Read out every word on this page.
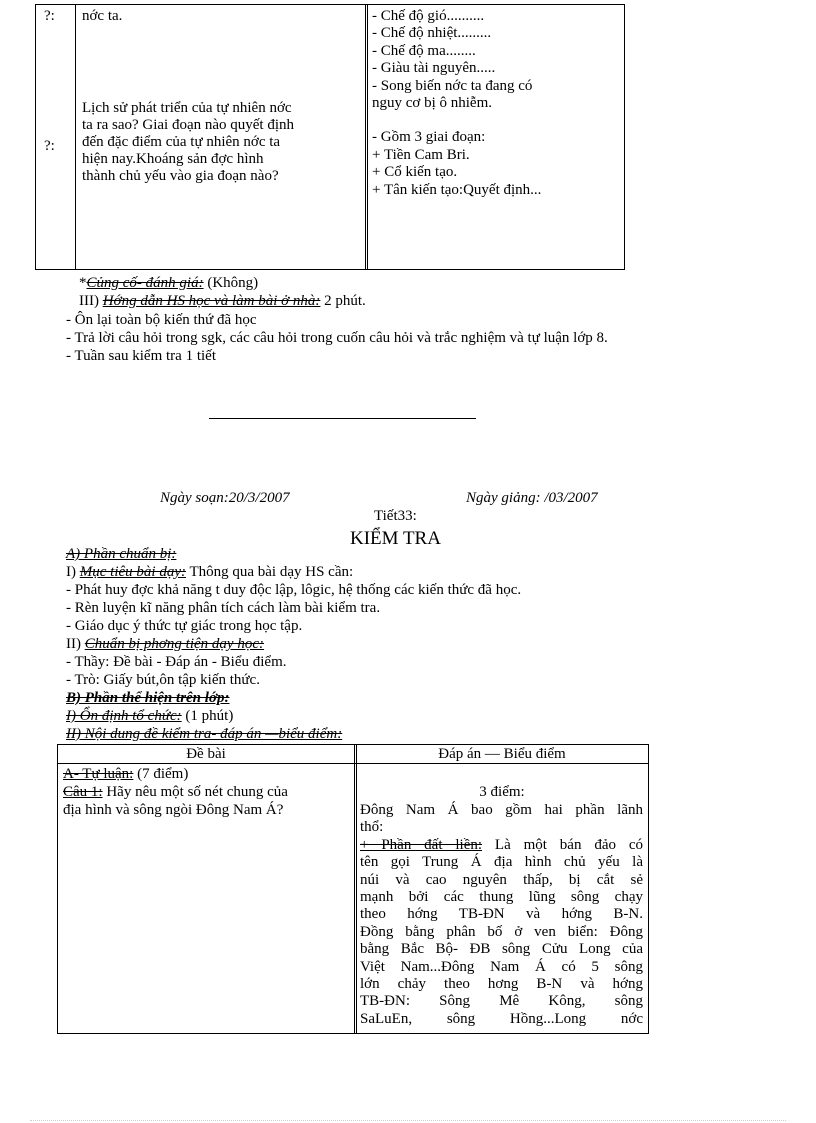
?:
?:
nớc ta.
Lịch sử phát triển của tự nhiên nớc
ta ra sao? Giai đoạn nào quyết định
đến đặc điểm của tự nhiên nớc ta
hiện nay.Khoáng sản đợc hình
thành chủ yếu vào gia đoạn nào?
- Chế độ gió..........
- Chế độ nhiệt.........
- Chế độ ma........
- Giàu tài nguyên.....
- Song biến nớc ta đang có
nguy cơ bị ô nhiễm.
- Gồm 3 giai đoạn:
+ Tiền Cam Bri.
+ Cổ kiến tạo.
+ Tân kiến tạo:Quyết định...
*Củng cố- đánh giá: (Không)
III) Hớng dẫn HS học và làm bài ở nhà: 2 phút.
- Ôn lại toàn bộ kiến thứ đã học
- Trả lời câu hỏi trong sgk, các câu hỏi trong cuốn câu hỏi và trắc nghiệm và tự luận lớp 8.
- Tuần sau kiểm tra 1 tiết
Ngày soạn:20/3/2007	Ngày giảng: /03/2007
Tiết33:
KIỂM TRA
A) Phần chuẩn bị:
I) Mục tiêu bài dạy: Thông qua bài dạy HS cần:
- Phát huy đợc khả năng t duy độc lập, lôgic, hệ thống các kiến thức đã học.
- Rèn luyện kĩ năng phân tích cách làm bài kiểm tra.
- Giáo dục ý thức tự giác trong học tập.
II) Chuẩn bị phơng tiện dạy học:
- Thầy: Đề bài - Đáp án - Biểu điểm.
- Trò: Giấy bút,ôn tập kiến thức.
B) Phần thể hiện trên lớp:
I) Ổn định tổ chức: (1 phút)
II) Nội dung đề kiểm tra- đáp án —biểu điểm:
Đề bài	Đáp án — Biểu điểm
A- Tự luận: (7 điểm)
Câu 1: Hãy nêu một số nét chung của
địa hình và sông ngòi Đông Nam Á?
3 điểm:
Đông Nam Á bao gồm hai phần lãnh
thổ:
+ Phần đất liền: Là một bán đảo có
tên gọi Trung Á địa hình chủ yếu là
núi và cao nguyên thấp, bị cắt sẻ
mạnh bởi các thung lũng sông chạy
theo hớng TB-ĐN và hớng B-N.
Đồng bằng phân bố ở ven biển: Đông
bằng Bắc Bộ- ĐB sông Cửu Long của
Việt Nam...Đông Nam Á có 5 sông
lớn chảy theo hơng B-N và hớng
TB-ĐN: Sông Mê Kông, sông
SaLuEn, sông Hồng...Long nớc
